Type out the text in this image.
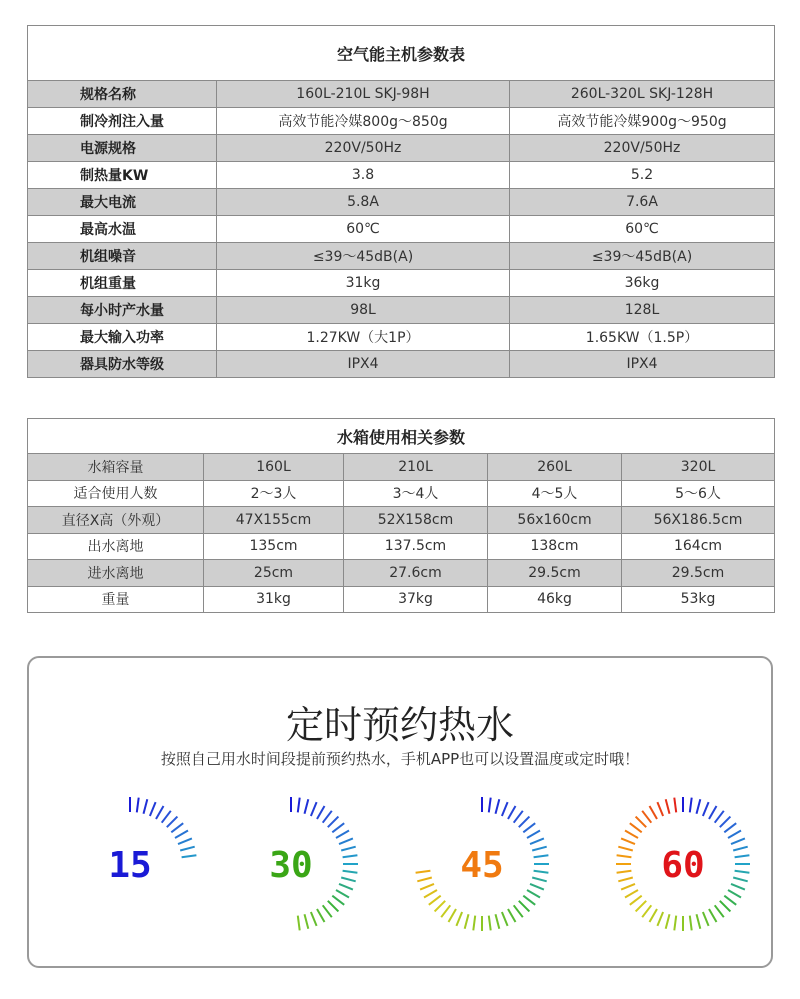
空气能主机参数表		
规格名称	160L-210L SKJ-98H	260L-320L SKJ-128H
制冷剂注入量	高效节能冷媒800g～850g	高效节能冷媒900g～950g
电源规格	220V/50Hz	220V/50Hz
制热量KW	3.8	5.2
最大电流	5.8A	7.6A
最高水温	60℃	60℃
机组噪音	≤39～45dB(A)	≤39～45dB(A)
机组重量	31kg	36kg
每小时产水量	98L	128L
最大输入功率	1.27KW（大1P）	1.65KW（1.5P）
器具防水等级	IPX4	IPX4
水箱使用相关参数				
水箱容量	160L	210L	260L	320L
适合使用人数	2～3人	3～4人	4～5人	5～6人
直径X高（外观）	47X155cm	52X158cm	56x160cm	56X186.5cm
出水离地	135cm	137.5cm	138cm	164cm
进水离地	25cm	27.6cm	29.5cm	29.5cm
重量	31kg	37kg	46kg	53kg
定时预约热水
按照自己用水时间段提前预约热水，手机APP也可以设置温度或定时哦！
15	30	45	60
